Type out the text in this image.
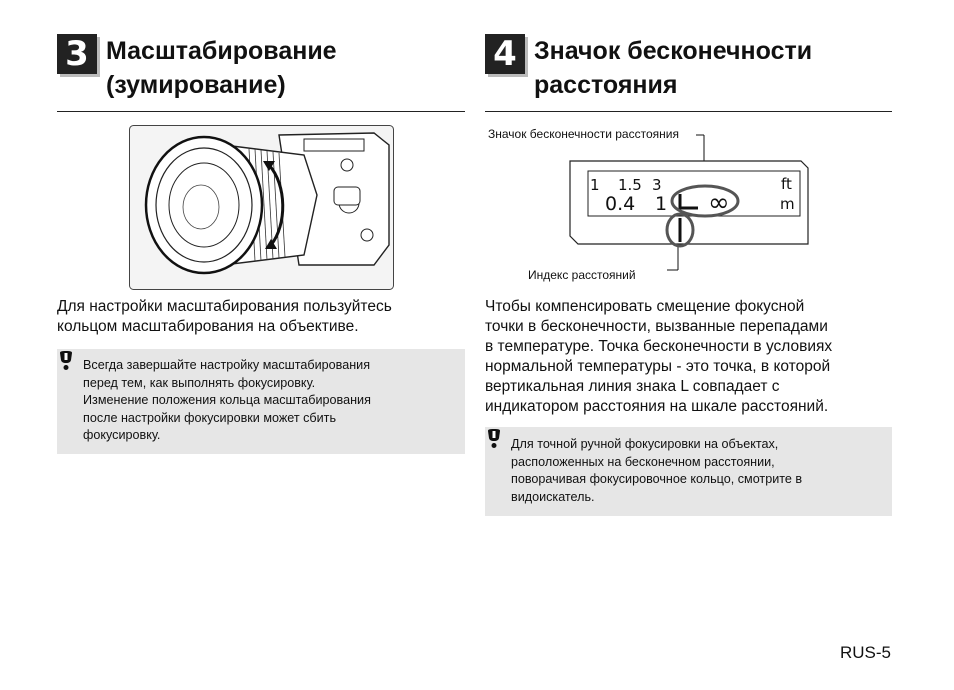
3 Масштабирование
(зумирование)
Для настройки масштабирования пользуйтесь
кольцом масштабирования на объективе.
Всегда завершайте настройку масштабирования
перед тем, как выполнять фокусировку.
Изменение положения кольца масштабирования
после настройки фокусировки может сбить
фокусировку.
4 Значок бесконечности
расстояния
Значок бесконечности расстояния
Индекс расстояний
1 1.5 3
0.4 1 ∞
ft
m
Чтобы компенсировать смещение фокусной
точки в бесконечности, вызванные перепадами
в температуре. Точка бесконечности в условиях
нормальной температуры - это точка, в которой
вертикальная линия знака L совпадает с
индикатором расстояния на шкале расстояний.
Для точной ручной фокусировки на объектах,
расположенных на бесконечном расстоянии,
поворачивая фокусировочное кольцо, смотрите в
видоискатель.
RUS-5
